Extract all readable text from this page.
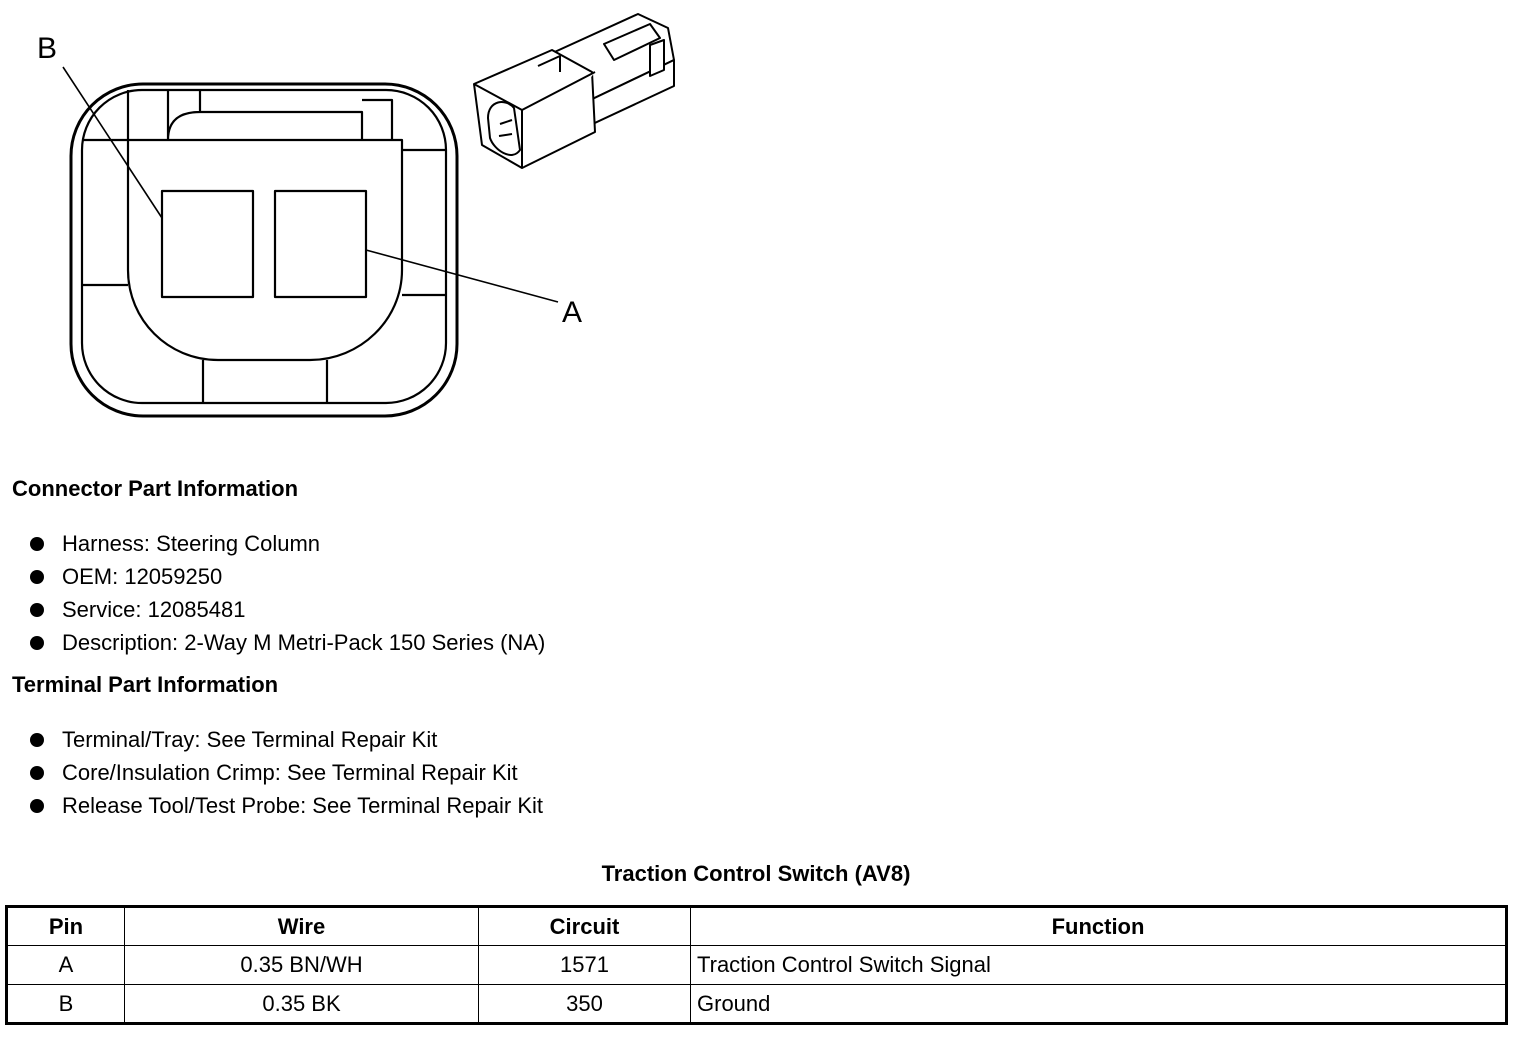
B
A
Connector Part Information
Harness: Steering Column
OEM: 12059250
Service: 12085481
Description: 2-Way M Metri-Pack 150 Series (NA)
Terminal Part Information
Terminal/Tray: See Terminal Repair Kit
Core/Insulation Crimp: See Terminal Repair Kit
Release Tool/Test Probe: See Terminal Repair Kit
Traction Control Switch (AV8)
Pin	Wire	Circuit	Function
A	0.35 BN/WH	1571	Traction Control Switch Signal
B	0.35 BK	350	Ground
